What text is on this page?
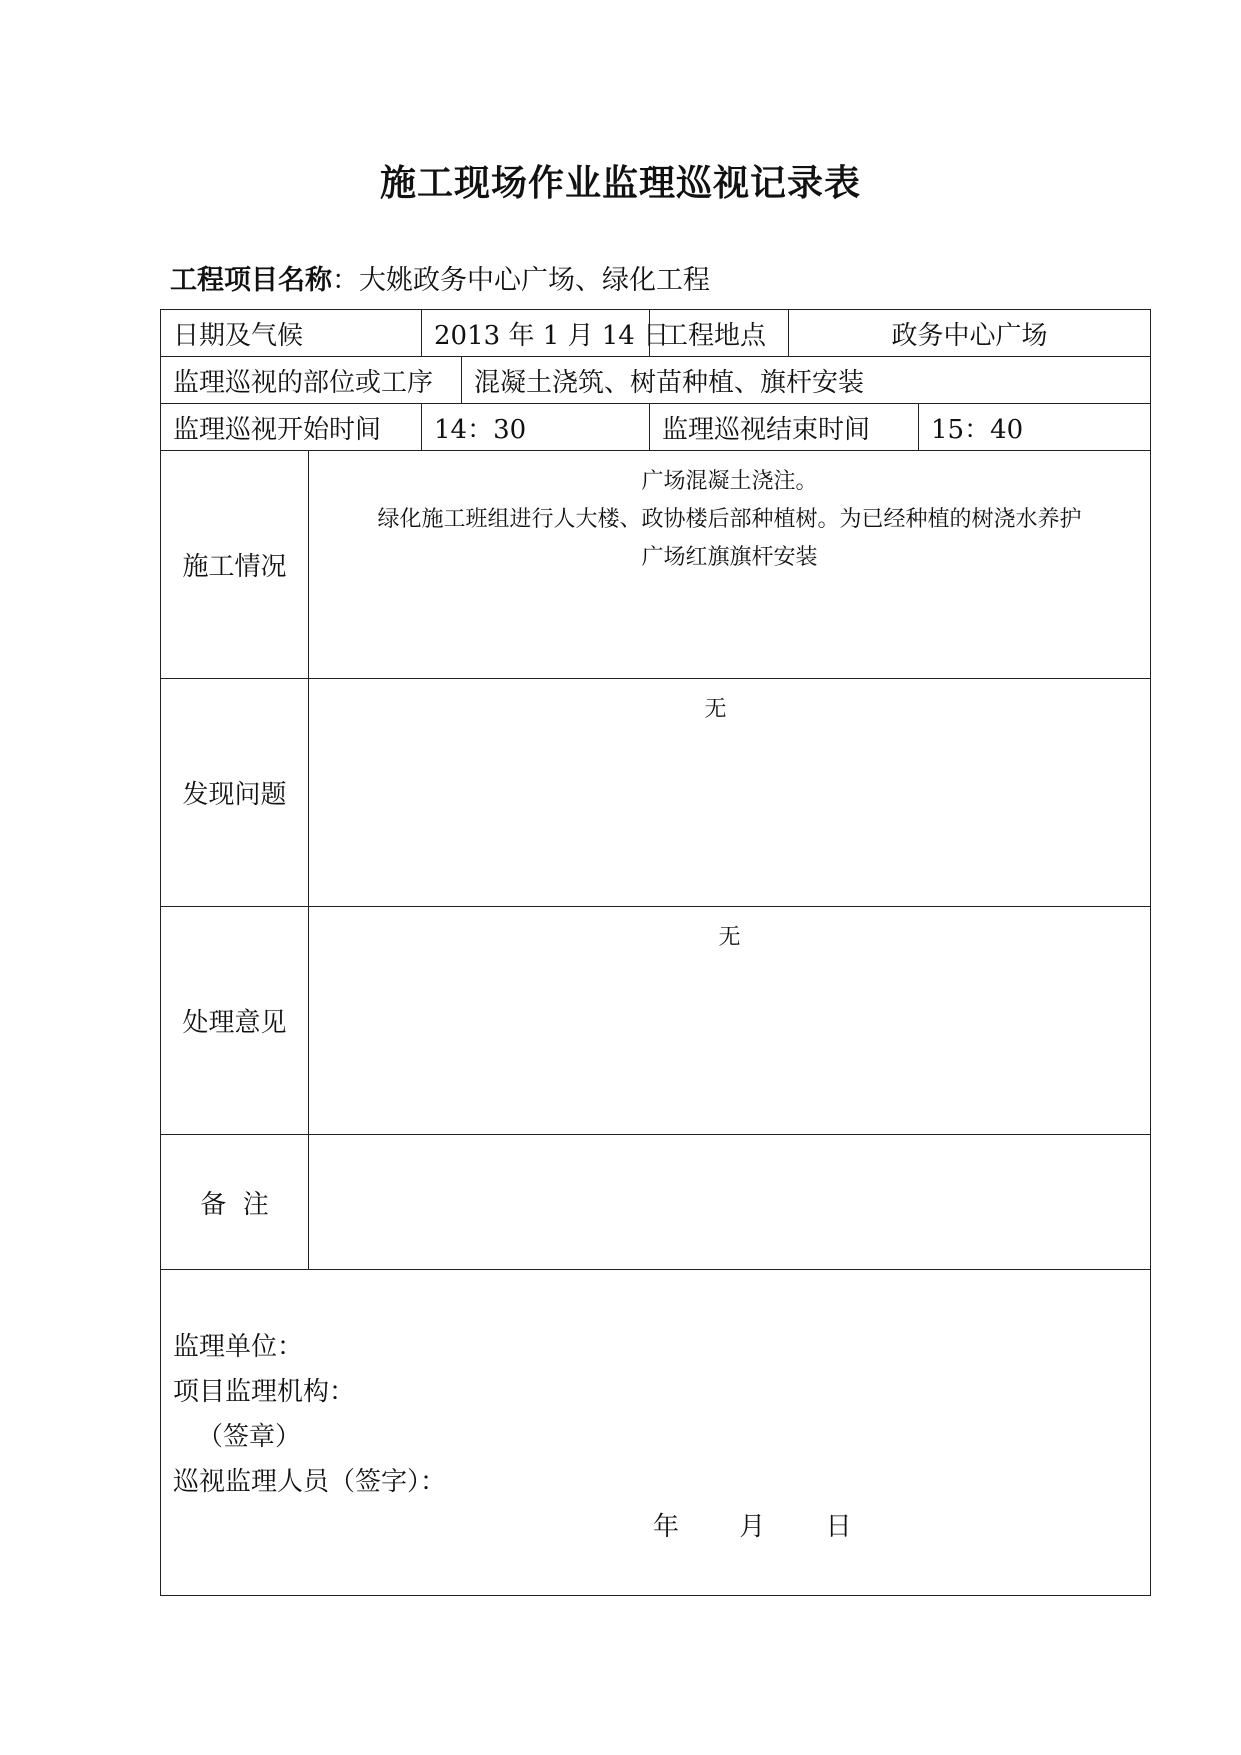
施工现场作业监理巡视记录表
工程项目名称：大姚政务中心广场、绿化工程
日期及气候		2013 年 1 月 14 日		工程地点	政务中心广场	
监理巡视的部位或工序			混凝土浇筑、树苗种植、旗杆安装			
监理巡视开始时间		14：30		监理巡视结束时间		15：40
施工情况	广场混凝土浇注。
绿化施工班组进行人大楼、政协楼后部种植树。为已经种植的树浇水养护
广场红旗旗杆安装					

发现问题	无					

处理意见	无					

备  注						

监理单位：
项目监理机构：
（签章）
巡视监理人员（签字）：
年 月 日						
